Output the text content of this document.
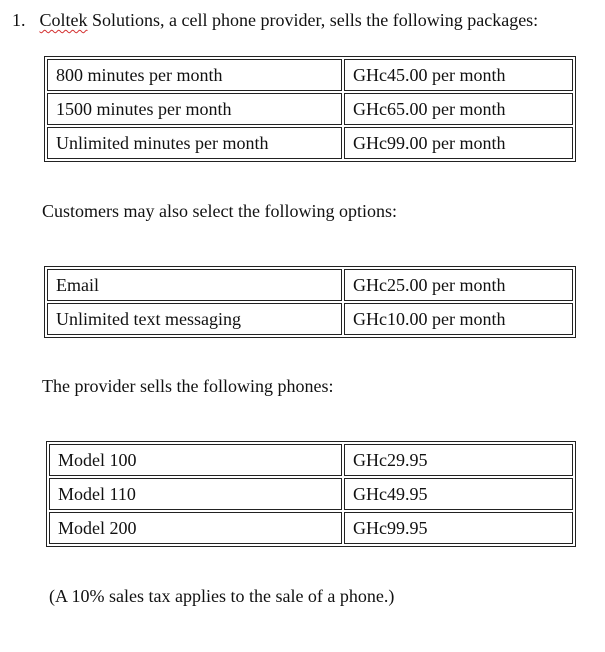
1. Coltek Solutions, a cell phone provider, sells the following packages:
800 minutes per month	GHc45.00 per month
1500 minutes per month	GHc65.00 per month
Unlimited minutes per month	GHc99.00 per month
Customers may also select the following options:
Email	GHc25.00 per month
Unlimited text messaging	GHc10.00 per month
The provider sells the following phones:
Model 100	GHc29.95
Model 110	GHc49.95
Model 200	GHc99.95
(A 10% sales tax applies to the sale of a phone.)
